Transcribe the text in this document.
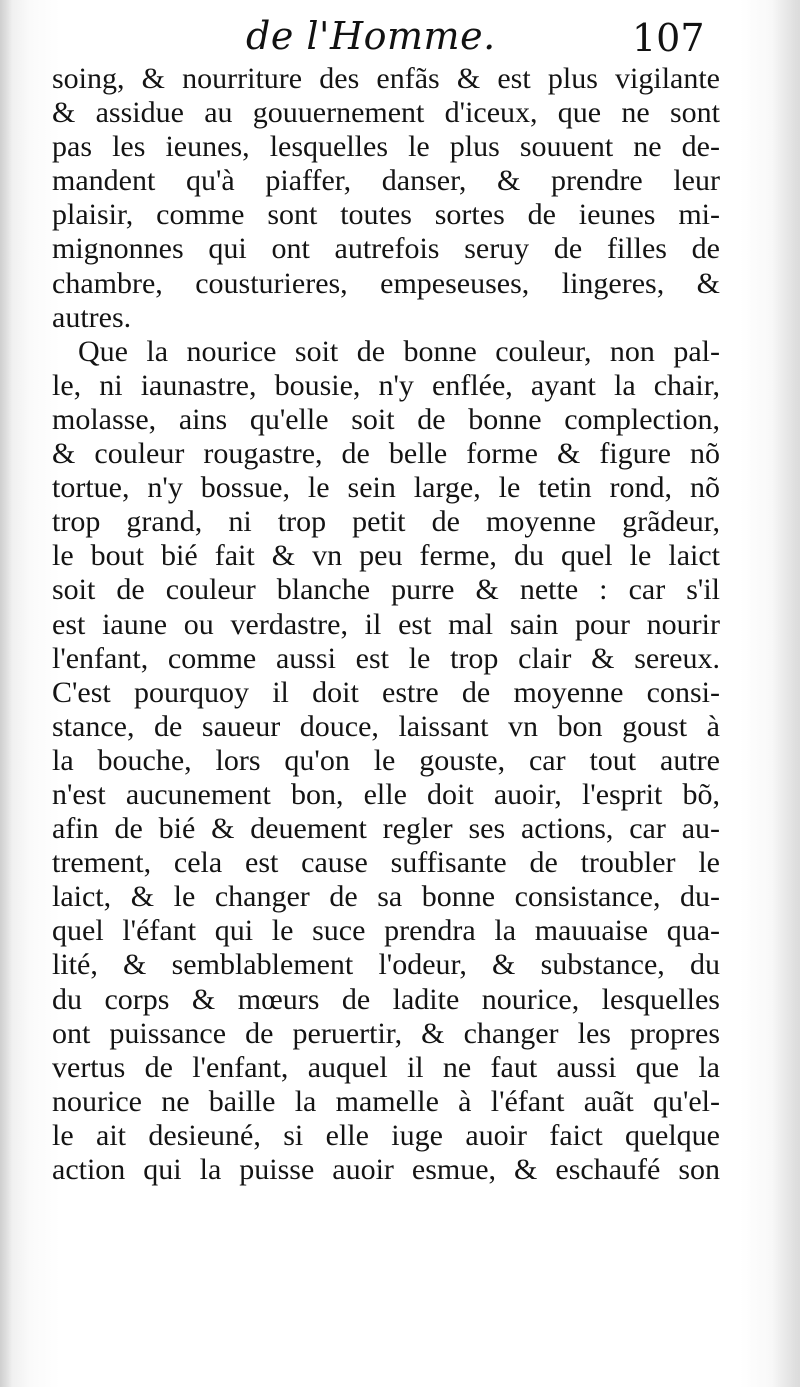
de l'Homme.	107
soing, & nourriture des enfãs & est plus vigilante
& assidue au gouuernement d'iceux, que ne sont
pas les ieunes, lesquelles le plus souuent ne de-
mandent qu'à piaffer, danser, & prendre leur
plaisir, comme sont toutes sortes de ieunes mi-
mignonnes qui ont autrefois seruy de filles de
chambre, cousturieres, empeseuses, lingeres, &
autres.
Que la nourice soit de bonne couleur, non pal-
le, ni iaunastre, bousie, n'y enflée, ayant la chair,
molasse, ains qu'elle soit de bonne complection,
& couleur rougastre, de belle forme & figure nõ
tortue, n'y bossue, le sein large, le tetin rond, nõ
trop grand, ni trop petit de moyenne grãdeur,
le bout bié fait & vn peu ferme, du quel le laict
soit de couleur blanche purre & nette : car s'il
est iaune ou verdastre, il est mal sain pour nourir
l'enfant, comme aussi est le trop clair & sereux.
C'est pourquoy il doit estre de moyenne consi-
stance, de saueur douce, laissant vn bon goust à
la bouche, lors qu'on le gouste, car tout autre
n'est aucunement bon, elle doit auoir, l'esprit bõ,
afin de bié & deuement regler ses actions, car au-
trement, cela est cause suffisante de troubler le
laict, & le changer de sa bonne consistance, du-
quel l'éfant qui le suce prendra la mauuaise qua-
lité, & semblablement l'odeur, & substance, du
du corps & mœurs de ladite nourice, lesquelles
ont puissance de peruertir, & changer les propres
vertus de l'enfant, auquel il ne faut aussi que la
nourice ne baille la mamelle à l'éfant auãt qu'el-
le ait desieuné, si elle iuge auoir faict quelque
action qui la puisse auoir esmue, & eschaufé son
